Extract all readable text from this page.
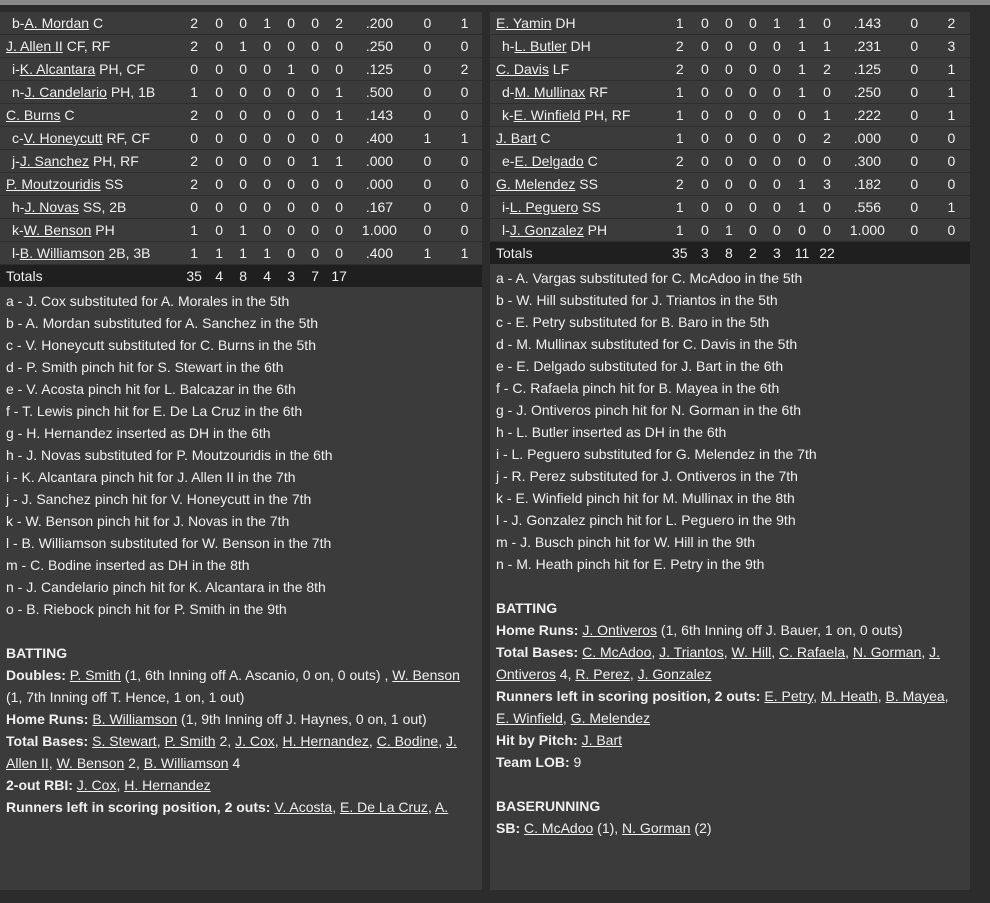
b-A. Mordan C	2	0	0	1	0	0	2	.200	0	1
J. Allen II CF, RF	2	0	1	0	0	0	0	.250	0	0
i-K. Alcantara PH, CF	0	0	0	0	1	0	0	.125	0	2
n-J. Candelario PH, 1B	1	0	0	0	0	0	1	.500	0	0
C. Burns C	2	0	0	0	0	0	1	.143	0	0
c-V. Honeycutt RF, CF	0	0	0	0	0	0	0	.400	1	1
j-J. Sanchez PH, RF	2	0	0	0	0	1	1	.000	0	0
P. Moutzouridis SS	2	0	0	0	0	0	0	.000	0	0
h-J. Novas SS, 2B	0	0	0	0	0	0	0	.167	0	0
k-W. Benson PH	1	0	1	0	0	0	0	1.000	0	0
l-B. Williamson 2B, 3B	1	1	1	1	0	0	0	.400	1	1
Totals	35	4	8	4	3	7	17			
a - J. Cox substituted for A. Morales in the 5th
b - A. Mordan substituted for A. Sanchez in the 5th
c - V. Honeycutt substituted for C. Burns in the 5th
d - P. Smith pinch hit for S. Stewart in the 6th
e - V. Acosta pinch hit for L. Balcazar in the 6th
f - T. Lewis pinch hit for E. De La Cruz in the 6th
g - H. Hernandez inserted as DH in the 6th
h - J. Novas substituted for P. Moutzouridis in the 6th
i - K. Alcantara pinch hit for J. Allen II in the 7th
j - J. Sanchez pinch hit for V. Honeycutt in the 7th
k - W. Benson pinch hit for J. Novas in the 7th
l - B. Williamson substituted for W. Benson in the 7th
m - C. Bodine inserted as DH in the 8th
n - J. Candelario pinch hit for K. Alcantara in the 8th
o - B. Riebock pinch hit for P. Smith in the 9th
BATTING
Doubles: P. Smith (1, 6th Inning off A. Ascanio, 0 on, 0 outs) , W. Benson (1, 7th Inning off T. Hence, 1 on, 1 out)
Home Runs: B. Williamson (1, 9th Inning off J. Haynes, 0 on, 1 out)
Total Bases: S. Stewart, P. Smith 2, J. Cox, H. Hernandez, C. Bodine, J. Allen II, W. Benson 2, B. Williamson 4
2-out RBI: J. Cox, H. Hernandez
Runners left in scoring position, 2 outs: V. Acosta, E. De La Cruz, A.
E. Yamin DH	1	0	0	0	1	1	0	.143	0	2
h-L. Butler DH	2	0	0	0	0	1	1	.231	0	3
C. Davis LF	2	0	0	0	0	1	2	.125	0	1
d-M. Mullinax RF	1	0	0	0	0	1	0	.250	0	1
k-E. Winfield PH, RF	1	0	0	0	0	0	1	.222	0	1
J. Bart C	1	0	0	0	0	0	2	.000	0	0
e-E. Delgado C	2	0	0	0	0	0	0	.300	0	0
G. Melendez SS	2	0	0	0	0	1	3	.182	0	0
i-L. Peguero SS	1	0	0	0	0	1	0	.556	0	1
l-J. Gonzalez PH	1	0	1	0	0	0	0	1.000	0	0
Totals	35	3	8	2	3	11	22			
a - A. Vargas substituted for C. McAdoo in the 5th
b - W. Hill substituted for J. Triantos in the 5th
c - E. Petry substituted for B. Baro in the 5th
d - M. Mullinax substituted for C. Davis in the 5th
e - E. Delgado substituted for J. Bart in the 6th
f - C. Rafaela pinch hit for B. Mayea in the 6th
g - J. Ontiveros pinch hit for N. Gorman in the 6th
h - L. Butler inserted as DH in the 6th
i - L. Peguero substituted for G. Melendez in the 7th
j - R. Perez substituted for J. Ontiveros in the 7th
k - E. Winfield pinch hit for M. Mullinax in the 8th
l - J. Gonzalez pinch hit for L. Peguero in the 9th
m - J. Busch pinch hit for W. Hill in the 9th
n - M. Heath pinch hit for E. Petry in the 9th
BATTING
Home Runs: J. Ontiveros (1, 6th Inning off J. Bauer, 1 on, 0 outs)
Total Bases: C. McAdoo, J. Triantos, W. Hill, C. Rafaela, N. Gorman, J. Ontiveros 4, R. Perez, J. Gonzalez
Runners left in scoring position, 2 outs: E. Petry, M. Heath, B. Mayea, E. Winfield, G. Melendez
Hit by Pitch: J. Bart
Team LOB: 9
BASERUNNING
SB: C. McAdoo (1), N. Gorman (2)
